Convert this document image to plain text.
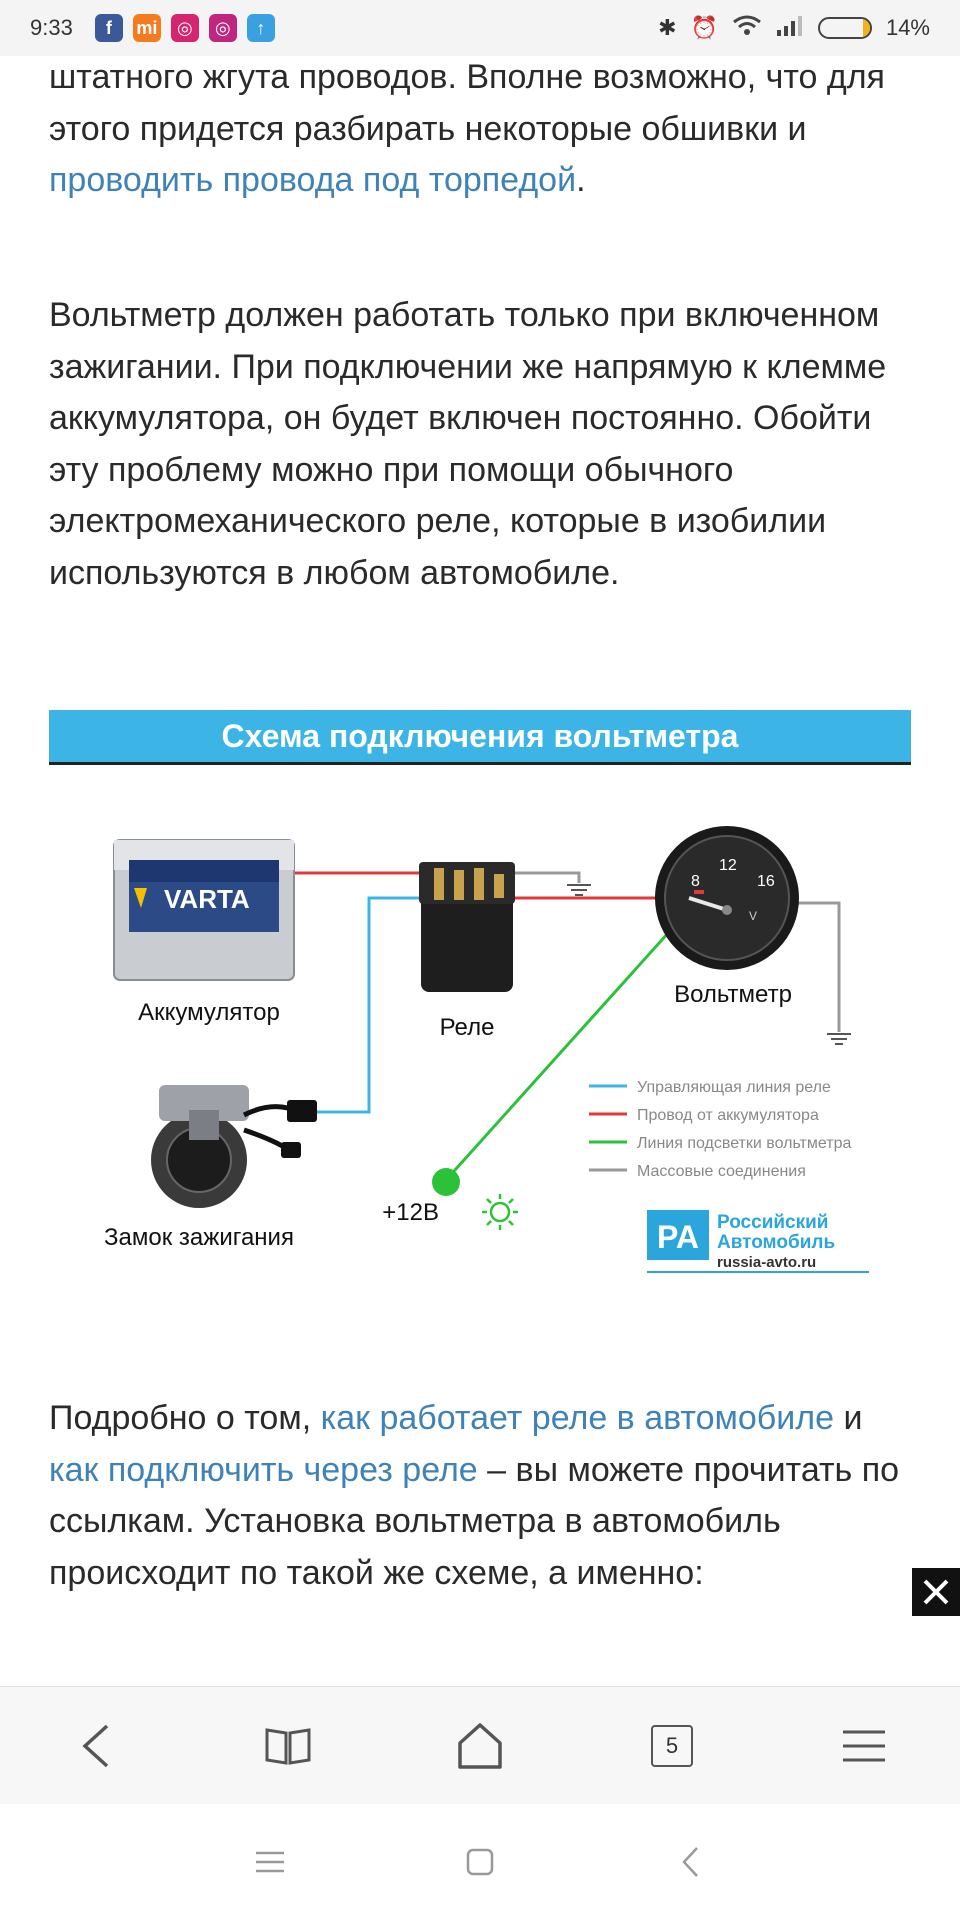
9:33	f	mi	◎	◎	↑	✱ ⏰	14%

штатного жгута проводов. Вполне возможно, что для этого придется разбирать некоторые обшивки и проводить провода под торпедой.

Вольтметр должен работать только при включенном зажигании. При подключении же напрямую к клемме аккумулятора, он будет включен постоянно. Обойти эту проблему можно при помощи обычного электромеханического реле, которые в изобилии используются в любом автомобиле.

Подробно о том, как работает реле в автомобиле и как подключить через реле – вы можете прочитать по ссылкам. Установка вольтметра в автомобиль происходит по такой же схеме, а именно:

Схема подключения вольтметра
VARTA
Аккумулятор
Реле
8
12
16
V
Вольтметр
Замок зажигания
+12В
Управляющая линия реле
Провод от аккумулятора
Линия подсветки вольтметра
Массовые соединения
PA Российский
Автомобиль
russia-avto.ru
5
